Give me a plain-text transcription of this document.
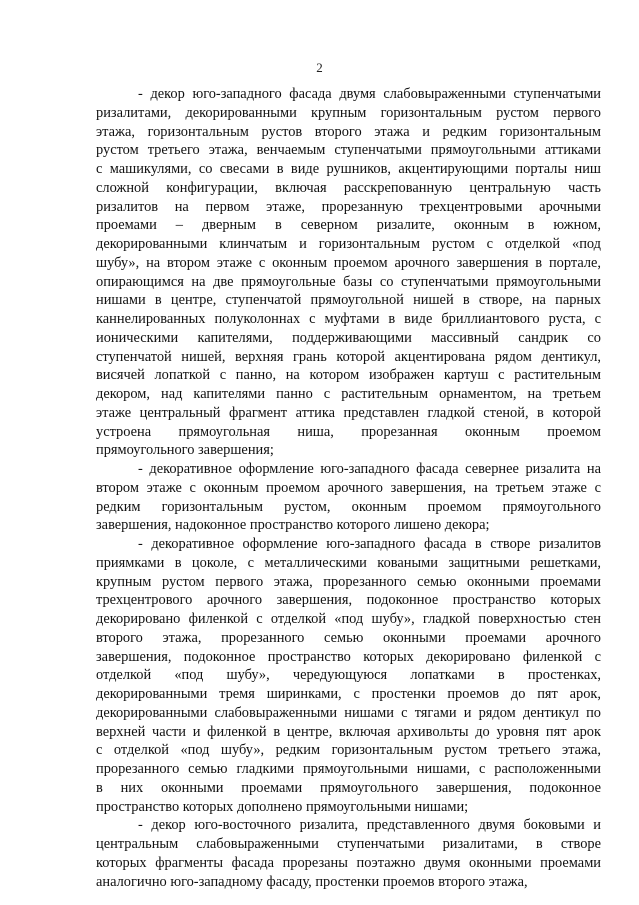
2
- декор юго-западного фасада двумя слабовыраженными ступенчатыми
ризалитами, декорированными крупным горизонтальным рустом первого
этажа, горизонтальным рустов второго этажа и редким горизонтальным
рустом третьего этажа, венчаемым ступенчатыми прямоугольными аттиками
с машикулями, со свесами в виде рушников, акцентирующими порталы ниш
сложной конфигурации, включая расскрепованную центральную часть
ризалитов на первом этаже, прорезанную трехцентровыми арочными
проемами – дверным в северном ризалите, оконным в южном,
декорированными клинчатым и горизонтальным рустом с отделкой «под
шубу», на втором этаже с оконным проемом арочного завершения в портале,
опирающимся на две прямоугольные базы со ступенчатыми прямоугольными
нишами в центре, ступенчатой прямоугольной нишей в створе, на парных
каннелированных полуколоннах с муфтами в виде бриллиантового руста, с
ионическими капителями, поддерживающими массивный сандрик со
ступенчатой нишей, верхняя грань которой акцентирована рядом дентикул,
висячей лопаткой с панно, на котором изображен картуш с растительным
декором, над капителями панно с растительным орнаментом, на третьем
этаже центральный фрагмент аттика представлен гладкой стеной, в которой
устроена прямоугольная ниша, прорезанная оконным проемом
прямоугольного завершения;
- декоративное оформление юго-западного фасада севернее ризалита на
втором этаже с оконным проемом арочного завершения, на третьем этаже с
редким горизонтальным рустом, оконным проемом прямоугольного
завершения, надоконное пространство которого лишено декора;
- декоративное оформление юго-западного фасада в створе ризалитов
приямками в цоколе, с металлическими коваными защитными решетками,
крупным рустом первого этажа, прорезанного семью оконными проемами
трехцентрового арочного завершения, подоконное пространство которых
декорировано филенкой с отделкой «под шубу», гладкой поверхностью стен
второго этажа, прорезанного семью оконными проемами арочного
завершения, подоконное пространство которых декорировано филенкой с
отделкой «под шубу», чередующуюся лопатками в простенках,
декорированными тремя ширинками, с простенки проемов до пят арок,
декорированными слабовыраженными нишами с тягами и рядом дентикул по
верхней части и филенкой в центре, включая архивольты до уровня пят арок
с отделкой «под шубу», редким горизонтальным рустом третьего этажа,
прорезанного семью гладкими прямоугольными нишами, с расположенными
в них оконными проемами прямоугольного завершения, подоконное
пространство которых дополнено прямоугольными нишами;
- декор юго-восточного ризалита, представленного двумя боковыми и
центральным слабовыраженными ступенчатыми ризалитами, в створе
которых фрагменты фасада прорезаны поэтажно двумя оконными проемами
аналогично юго-западному фасаду, простенки проемов второго этажа,
